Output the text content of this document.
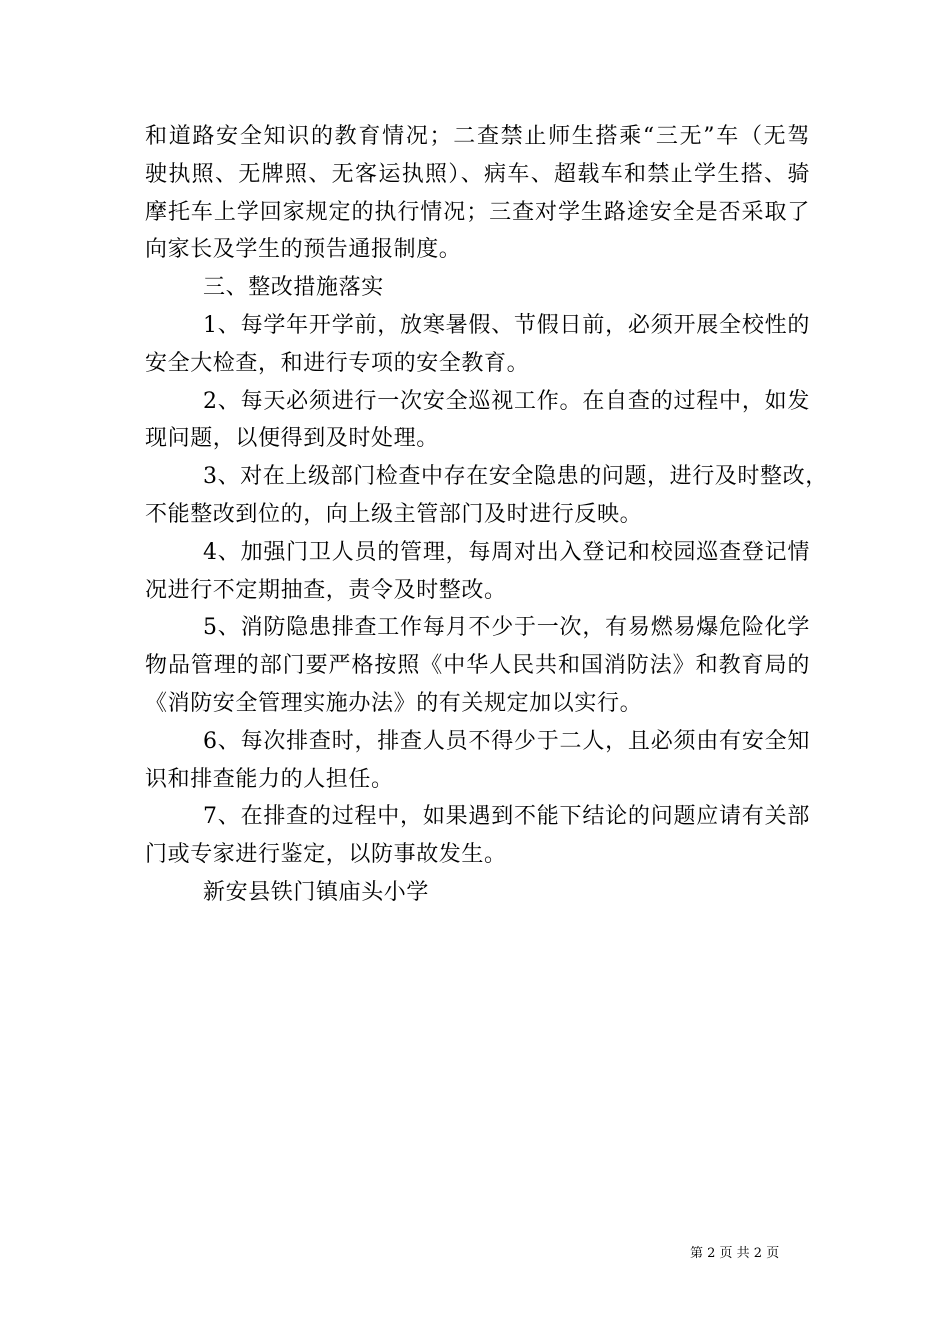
和道路安全知识的教育情况；二查禁止师生搭乘“三无”车（无驾
驶执照、无牌照、无客运执照）、病车、超载车和禁止学生搭、骑
摩托车上学回家规定的执行情况；三查对学生路途安全是否采取了
向家长及学生的预告通报制度。
三、整改措施落实
1、每学年开学前，放寒暑假、节假日前，必须开展全校性的
安全大检查，和进行专项的安全教育。
2、每天必须进行一次安全巡视工作。在自查的过程中，如发
现问题，以便得到及时处理。
3、对在上级部门检查中存在安全隐患的问题，进行及时整改，
不能整改到位的，向上级主管部门及时进行反映。
4、加强门卫人员的管理，每周对出入登记和校园巡查登记情
况进行不定期抽查，责令及时整改。
5、消防隐患排查工作每月不少于一次，有易燃易爆危险化学
物品管理的部门要严格按照《中华人民共和国消防法》和教育局的
《消防安全管理实施办法》的有关规定加以实行。
6、每次排查时，排查人员不得少于二人，且必须由有安全知
识和排查能力的人担任。
7、在排查的过程中，如果遇到不能下结论的问题应请有关部
门或专家进行鉴定，以防事故发生。
新安县铁门镇庙头小学
第 2 页 共 2 页
